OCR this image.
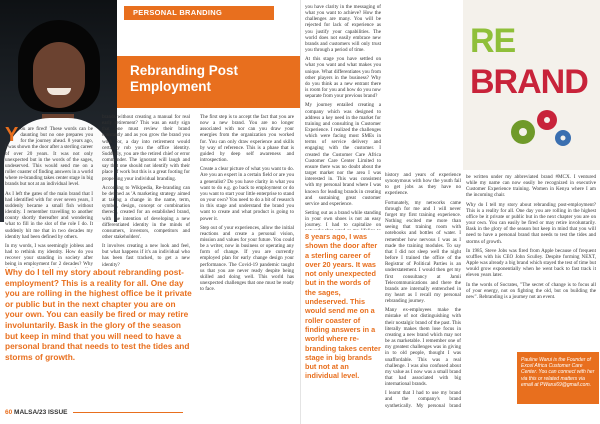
PERSONAL BRANDING
Rebranding Post
Employment
By Pauline Warui

You are fired! These words can be daunting but no one prepares you for the journey ahead. 8 years ago, I was shown the door after a sterling career of over 20 years. It was not only unexpected but in the words of the sages, undeserved. This would send me on a roller coaster of finding answers in a world where re-branding takes center stage in big brands but not at an individual level.

As I left the gates of the main brand that I had identified with for over seven years, I suddenly became a small fish without identity. I remember travelling to another county shortly thereafter and wondering what to fill in the slot of the role I do. It suddenly hit me that in two decades my identity had been defined by others.

In my words, I was seemingly jobless and had to rethink my identity. How do you recover your standing in society after being in employment for 2 decades? Why

brands without creating a manual for real early retirement? This was an early sign that one must review their brand constantly and as you grow the brand you work for, a day into retirement would certainly rob you the office identity. Suddenly, you are the retired chief or error commander. The ignorant will laugh and say that one should not identify with their place of work but this is a great footing for propelling your individual branding.

According to Wikipedia, Re-branding can be defined as 'A marketing strategy aimed at taking a change in the name, term, symbol, design, concept or combination thereof, created for an established brand, with the intention of developing a new differentiated identity in the minds of consumers, investors, competitors and other stakeholders'.

It involves creating a new look and feel, but what happens if it's an individual who has been fast tracked, to get a new identity?

The first step is to accept the fact that you are now a new brand. You are no longer associated with nor can you draw your energies from the organization you worked for. You can only draw experience and skills by way of reference. This is a phase that is guided by deep self awareness and introspection.

Create a clear picture of what you want to do. Are you an expert in a certain field or are you a generalist? Do you have clarity in what you want to do e.g. go back to employment or do you want to start your little enterprise to stand on your own? You need to do a bit of research in this stage and understand the brand you want to create and what product is going to power it.

Step out of your experiences, allow the initial reactions and create a personal vision, mission and values for your future. You could be a writer, now in business or operating any form of change. If you are currently employed plan for early change design your performance. The Covid-19 pandemic taught us that you are never ready despite being skilled and doing well. This world has unexpected challenges that one must be ready to face.

Why do I tell my story about rebranding post-employment? This is a reality for all. One day you are rolling in the highest office be it private or public but in the next chapter you are on your own. You can easily be fired or may retire involuntarily. Bask in the glory of the season but keep in mind that you will need to have a personal brand that needs to test the tides and storms of growth.
60 MALSA/23 ISSUE

you have clarity in the messaging of what you want to achieve? How the challenges are many. You will be rejected for lack of experience as you justify your capabilities. The world does not easily embrace new brands and customers will only trust you through a period of time.

At this stage you have settled on what you want and what makes you unique. What differentiates you from other players in the business? Why do you think as a new entrant there is room for you and how do you now separate from your previous brand?

My journey entailed creating a company which was designed to address a key need in the market for training and consulting in Customer Experience. I realized the challenges which were facing most SMEs in terms of service delivery and engaging with the customer. I created the Customer Care Africa Customer Care Center Limited to ensure there was no doubt about the target market nor the area I was interested in. This was consistent with my personal brand where I was known for leading brands in creating and sustaining great customer service and experience.

Setting out as a brand while standing in your own shoes is not an easy journey. I had to capitalize on

8 years ago, I was shown the door after a sterling career of over 20 years. It was not only unexpected but in the words of the sages, undeserved. This would send me on a roller coaster of finding answers in a world where re-branding takes center stage in big brands but not at an individual level.

history and years of experience synonymous with how the youth fail to get jobs as they have no experience.

Fortunately, my networks came through for me and I will never forget my first training experience. Nothing excited me more than seeing that training room with notebooks and bottles of water. I remember how nervous I was as I made the training modules. To say that I did not sleep well the night before I trained the office of the Registrar of Political Parties is an understatement. I would then get my first consultancy at Jamii Telecommunications and there the brands are internally entrenched in my heart as I recall my personal rebranding journey.

Many ex-employees make the mistake of not distinguishing with their nostalgic brand of the past. This literally makes them lose focus in creating a new brand which may not be as marketable. I remember one of my greatest challenges was in giving in to old people, thought I was unaffordable. This was a real challenge. I was also confused about my value as I now was a small brand that had associated with big international brands.

I learnt that I had to use my brand and the company's brand synthetically. My personal brand

RE
BRAND

be written under my abbreviated brand #MCX. I ventured while my name can now easily be recognized in executive Customer Experience training. Women in Kenya where I am the incoming chair.

Why do I tell my story about rebranding post-employment? This is a reality for all. One day you are rolling in the highest office be it private or public but in the next chapter you are on your own. You can easily be fired or may retire involuntarily. Bask in the glory of the season but keep in mind that you will need to have a personal brand that needs to test the tides and storms of growth.

In 1985, Steve Jobs was fired from Apple because of frequent scuffles with his CEO John Sculley. Despite forming NEXT, Apple was already a big brand which stayed the test of time but would grow exponentially when he went back to fast track it eleven years later.

In the words of Socrates, "The secret of change is to focus all of your energy, not on fighting the old, but on building the new". Rebranding is a journey not an event.

Pauline Warui is the Founder of Excel Africa Customer Care Center. You can connect with her via this or related matters via email at PWarui69@gmail.com.
